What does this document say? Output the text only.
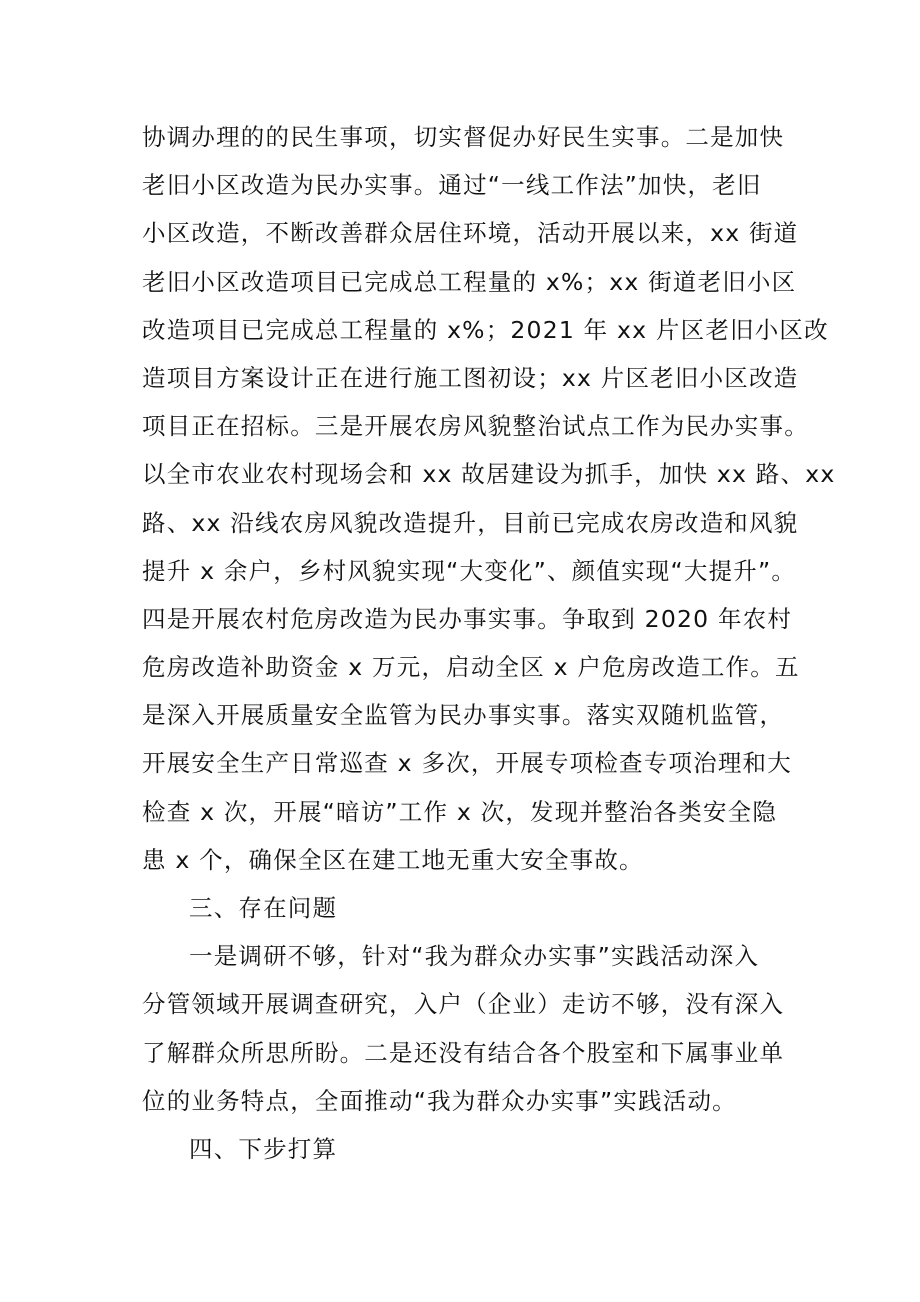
协调办理的的民生事项，切实督促办好民生实事。二是加快
老旧小区改造为民办实事。通过“一线工作法”加快，老旧
小区改造，不断改善群众居住环境，活动开展以来，xx 街道
老旧小区改造项目已完成总工程量的 x%；xx 街道老旧小区
改造项目已完成总工程量的 x%；2021 年 xx 片区老旧小区改
造项目方案设计正在进行施工图初设；xx 片区老旧小区改造
项目正在招标。三是开展农房风貌整治试点工作为民办实事。
以全市农业农村现场会和 xx 故居建设为抓手，加快 xx 路、xx
路、xx 沿线农房风貌改造提升，目前已完成农房改造和风貌
提升 x 余户，乡村风貌实现“大变化”、颜值实现“大提升”。
四是开展农村危房改造为民办事实事。争取到 2020 年农村
危房改造补助资金 x 万元，启动全区 x 户危房改造工作。五
是深入开展质量安全监管为民办事实事。落实双随机监管，
开展安全生产日常巡查 x 多次，开展专项检查专项治理和大
检查 x 次，开展“暗访”工作 x 次，发现并整治各类安全隐
患 x 个，确保全区在建工地无重大安全事故。
三、存在问题
一是调研不够，针对“我为群众办实事”实践活动深入
分管领域开展调查研究，入户（企业）走访不够，没有深入
了解群众所思所盼。二是还没有结合各个股室和下属事业单
位的业务特点，全面推动“我为群众办实事”实践活动。
四、下步打算
